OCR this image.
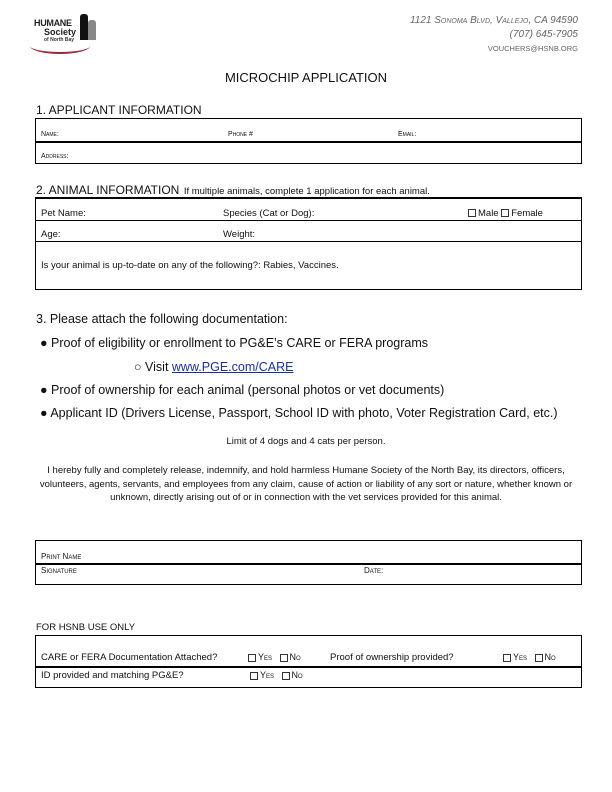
HUMANE
Society
of North Bay
1121 Sonoma Blvd, Vallejo, CA 94590
(707) 645-7905
VOUCHERS@HSNB.ORG
MICROCHIP APPLICATION
1. APPLICANT INFORMATION
Name:	Phone #	Email:
Address:
2. ANIMAL INFORMATION If multiple animals, complete 1 application for each animal.
Pet Name:	Species (Cat or Dog):	Male Female
Age:	Weight:
Is your animal is up-to-date on any of the following?: Rabies, Vaccines.
3. Please attach the following documentation:
● Proof of eligibility or enrollment to PG&E’s CARE or FERA programs
○ Visit www.PGE.com/CARE
● Proof of ownership for each animal (personal photos or vet documents)
● Applicant ID (Drivers License, Passport, School ID with photo, Voter Registration Card, etc.)
Limit of 4 dogs and 4 cats per person.
I hereby fully and completely release, indemnify, and hold harmless Humane Society of the North Bay, its directors, officers, volunteers, agents, servants, and employees from any claim, cause of action or liability of any sort or nature, whether known or unknown, directly arising out of or in connection with the vet services provided for this animal.
Print Name
Signature	Date:
FOR HSNB USE ONLY
CARE or FERA Documentation Attached?	Yes No	Proof of ownership provided?	Yes No
ID provided and matching PG&E?	Yes No
